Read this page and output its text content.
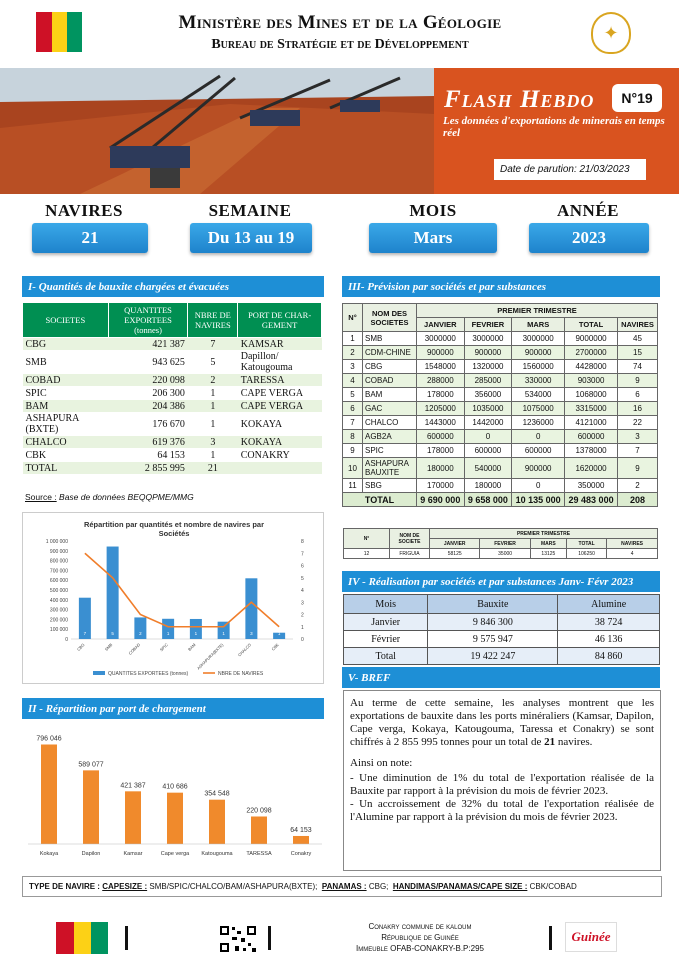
Ministère des Mines et de la Géologie
Bureau de Stratégie et de Développement
✦
Flash Hebdo	N°19
Les données d'exportations de minerais en temps réel
Date de parution: 21/03/2023
NAVIRES
21
SEMAINE
Du 13 au 19
MOIS
Mars
ANNÉE
2023
I- Quantités de bauxite chargées et évacuées
SOCIETES	QUANTITES EXPORTEES (tonnes)	NBRE DE NAVIRES	PORT DE CHAR-GEMENT
CBG	421 387	7	KAMSAR
SMB	943 625	5	Dapillon/ Katougouma
COBAD	220 098	2	TARESSA
SPIC	206 300	1	CAPE VERGA
BAM	204 386	1	CAPE VERGA
ASHAPURA (BXTE)	176 670	1	KOKAYA
CHALCO	619 376	3	KOKAYA
CBK	64 153	1	CONAKRY
TOTAL	2 855 995	21	
Source : Base de données BEQQPME/MMG
Répartition par quantités et nombre de navires par Sociétés
1 000 000
900 000
800 000
700 000
600 000
500 000
400 000
300 000
200 000
100 000
0
8
7
6
5
4
3
2
1
0
7
CBG
5
SMB
2
COBAD
1
SPIC
1
BAM
1
ASHAPURA(BXTE)
3
CHALCO
1
CBK
QUANTITES EXPORTEES (tonnes)	NBRE DE NAVIRES
II - Répartition par port de chargement
796 046
Kokaya
589 077
Dapilon
421 387
Kamsar
410 686
Cape verga
354 548
Katougouma
220 098
TARESSA
64 153
Conakry
III- Prévision par sociétés et par substances
N°	NOM DES SOCIETES	PREMIER TRIMESTRE				
		JANVIER	FEVRIER	MARS	TOTAL	NAVIRES
1	SMB	3000000	3000000	3000000	9000000	45
2	CDM-CHINE	900000	900000	900000	2700000	15
3	CBG	1548000	1320000	1560000	4428000	74
4	COBAD	288000	285000	330000	903000	9
5	BAM	178000	356000	534000	1068000	6
6	GAC	1205000	1035000	1075000	3315000	16
7	CHALCO	1443000	1442000	1236000	4121000	22
8	AGB2A	600000	0	0	600000	3
9	SPIC	178000	600000	600000	1378000	7
10	ASHAPURA BAUXITE	180000	540000	900000	1620000	9
11	SBG	170000	180000	0	350000	2
TOTAL		9 690 000	9 658 000	10 135 000	29 483 000	208
N°	NOM DE SOCIETE	PREMIER TRIMESTRE				
		JANVIER	FEVRIER	MARS	TOTAL	NAVIRES
12	FRIGUIA	58125	35000	13125	106250	4
IV - Réalisation par sociétés et par substances Janv- Févr 2023
Mois	Bauxite	Alumine
Janvier	9 846 300	38 724
Février	9 575 947	46 136
Total	19 422 247	84 860
V- BREF

Au terme de cette semaine, les analyses montrent que les exportations de bauxite dans les ports minéraliers (Kamsar, Dapilon, Cape verga, Kokaya, Katougouma, Taressa et Conakry) se sont chiffrés à 2 855 995 tonnes pour un total de 21 navires.

Ainsi on note:

- Une diminution de 1% du total de l'exportation réalisée de la Bauxite par rapport à la prévision du mois de février 2023.

- Un accroissement de 32% du total de l'exportation réalisée de l'Alumine par rapport à la prévision du mois de février 2023.

TYPE DE NAVIRE :
CAPESIZE :
SMB/SPIC/CHALCO/BAM/ASHAPURA(BXTE);
PANAMAS :
CBG;
HANDIMAS/PANAMAS/CAPE SIZE :
CBK/COBAD
Conakry commune de kaloum
République de Guinée
Immeuble OFAB-CONAKRY-B.P:295
Guinée
